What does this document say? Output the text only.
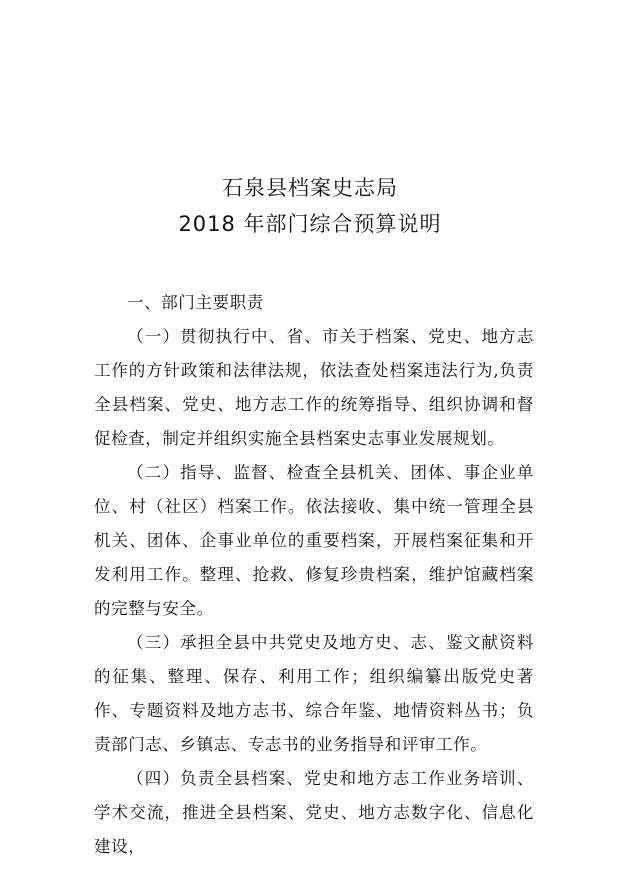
石泉县档案史志局
2018 年部门综合预算说明

一、部门主要职责

（一）贯彻执行中、省、市关于档案、党史、地方志工作的方针政策和法律法规，依法查处档案违法行为,负责全县档案、党史、地方志工作的统筹指导、组织协调和督促检查，制定并组织实施全县档案史志事业发展规划。

（二）指导、监督、检查全县机关、团体、事企业单位、村（社区）档案工作。依法接收、集中统一管理全县机关、团体、企事业单位的重要档案，开展档案征集和开发利用工作。整理、抢救、修复珍贵档案，维护馆藏档案的完整与安全。

（三）承担全县中共党史及地方史、志、鉴文献资料的征集、整理、保存、利用工作；组织编纂出版党史著作、专题资料及地方志书、综合年鉴、地情资料丛书；负责部门志、乡镇志、专志书的业务指导和评审工作。

（四）负责全县档案、党史和地方志工作业务培训、学术交流，推进全县档案、党史、地方志数字化、信息化建设，
